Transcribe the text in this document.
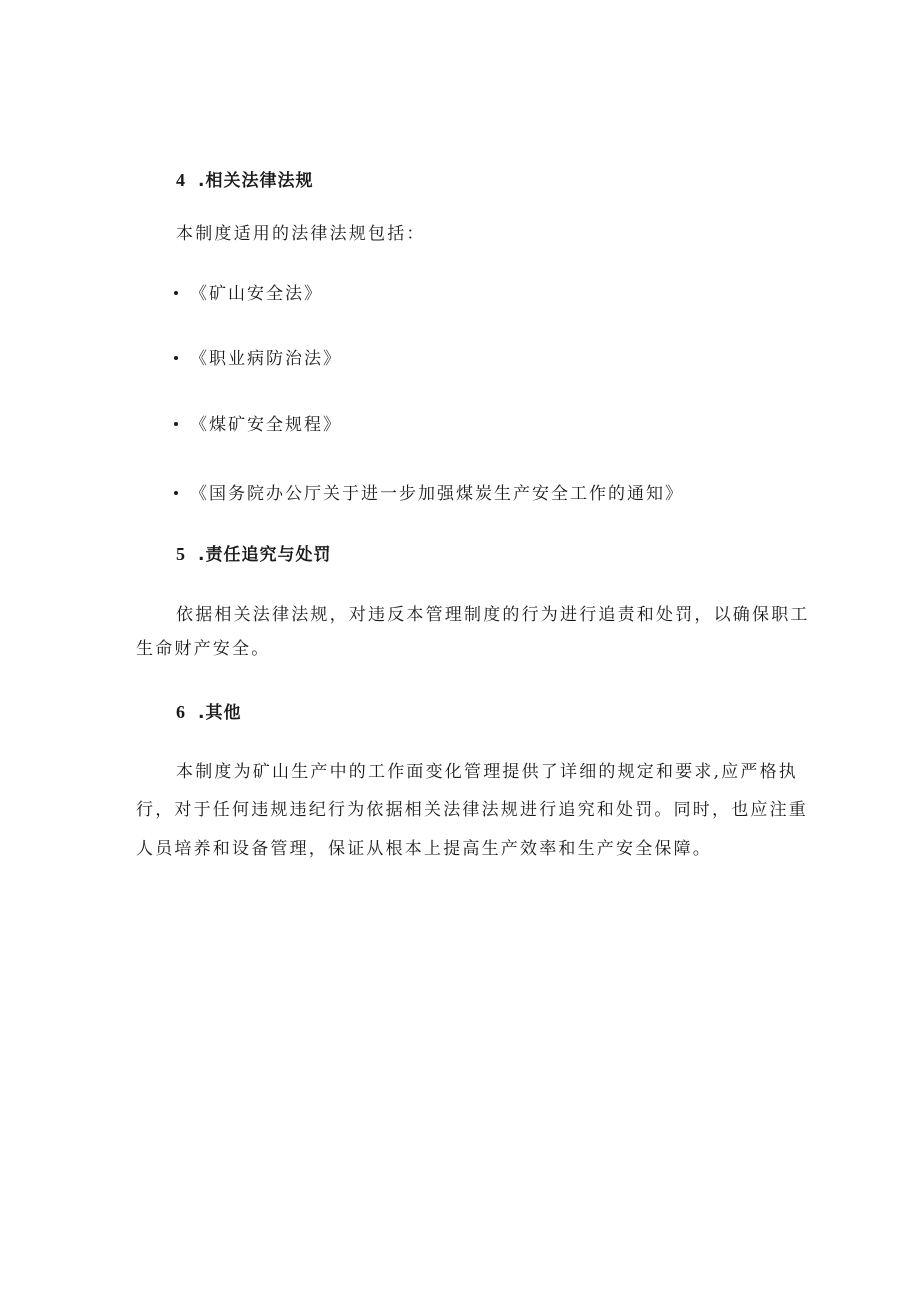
4 .相关法律法规
本制度适用的法律法规包括：
《矿山安全法》
《职业病防治法》
《煤矿安全规程》
《国务院办公厅关于进一步加强煤炭生产安全工作的通知》
5 .责任追究与处罚
依据相关法律法规，对违反本管理制度的行为进行追责和处罚，以确保职工
生命财产安全。
6 .其他
本制度为矿山生产中的工作面变化管理提供了详细的规定和要求,应严格执
行，对于任何违规违纪行为依据相关法律法规进行追究和处罚。同时，也应注重
人员培养和设备管理，保证从根本上提高生产效率和生产安全保障。
